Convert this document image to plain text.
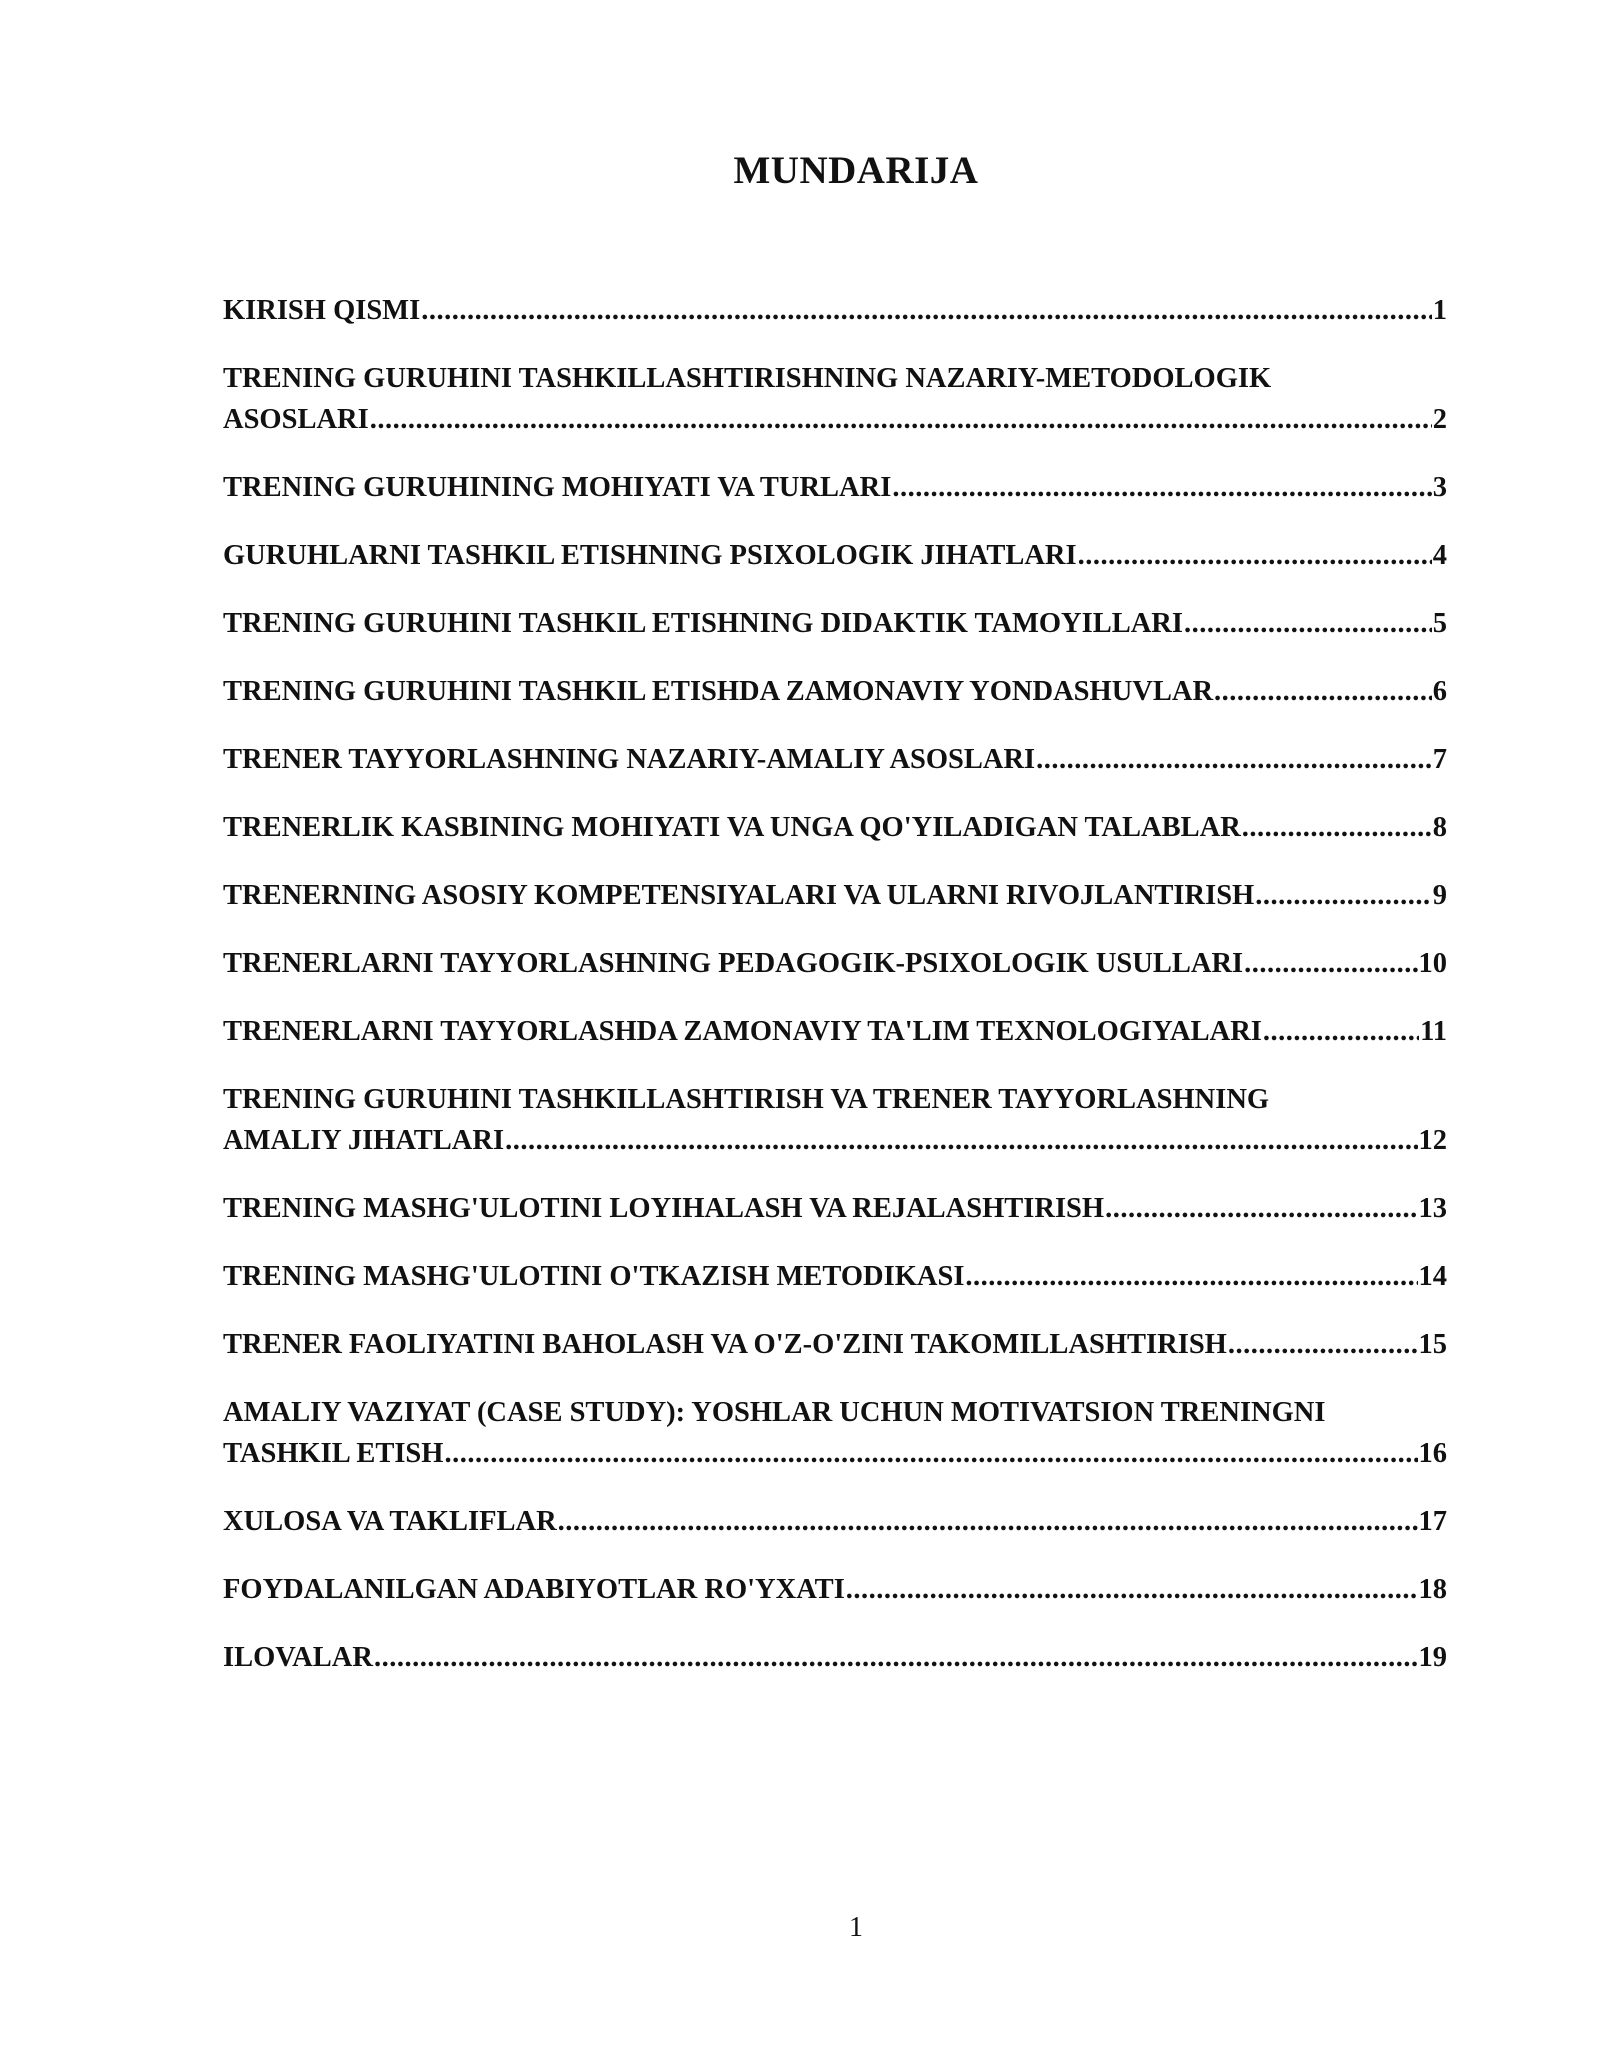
MUNDARIJA
KIRISH QISMI .....	1
TRENING GURUHINI TASHKILLASHTIRISHNING NAZARIY-METODOLOGIK
ASOSLARI .....	2
TRENING GURUHINING MOHIYATI VA TURLARI .....	3
GURUHLARNI TASHKIL ETISHNING PSIXOLOGIK JIHATLARI .....	4
TRENING GURUHINI TASHKIL ETISHNING DIDAKTIK TAMOYILLARI .....	5
TRENING GURUHINI TASHKIL ETISHDA ZAMONAVIY YONDASHUVLAR .....	6
TRENER TAYYORLASHNING NAZARIY-AMALIY ASOSLARI .....	7
TRENERLIK KASBINING MOHIYATI VA UNGA QO'YILADIGAN TALABLAR .....	8
TRENERNING ASOSIY KOMPETENSIYALARI VA ULARNI RIVOJLANTIRISH .....	9
TRENERLARNI TAYYORLASHNING PEDAGOGIK-PSIXOLOGIK USULLARI .....	10
TRENERLARNI TAYYORLASHDA ZAMONAVIY TA'LIM TEXNOLOGIYALARI .....	11
TRENING GURUHINI TASHKILLASHTIRISH VA TRENER TAYYORLASHNING
AMALIY JIHATLARI .....	12
TRENING MASHG'ULOTINI LOYIHALASH VA REJALASHTIRISH .....	13
TRENING MASHG'ULOTINI O'TKAZISH METODIKASI .....	14
TRENER FAOLIYATINI BAHOLASH VA O'Z-O'ZINI TAKOMILLASHTIRISH .....	15
AMALIY VAZIYAT (CASE STUDY): YOSHLAR UCHUN MOTIVATSION TRENINGNI
TASHKIL ETISH .....	16
XULOSA VA TAKLIFLAR .....	17
FOYDALANILGAN ADABIYOTLAR RO'YXATI .....	18
ILOVALAR .....	19
1
